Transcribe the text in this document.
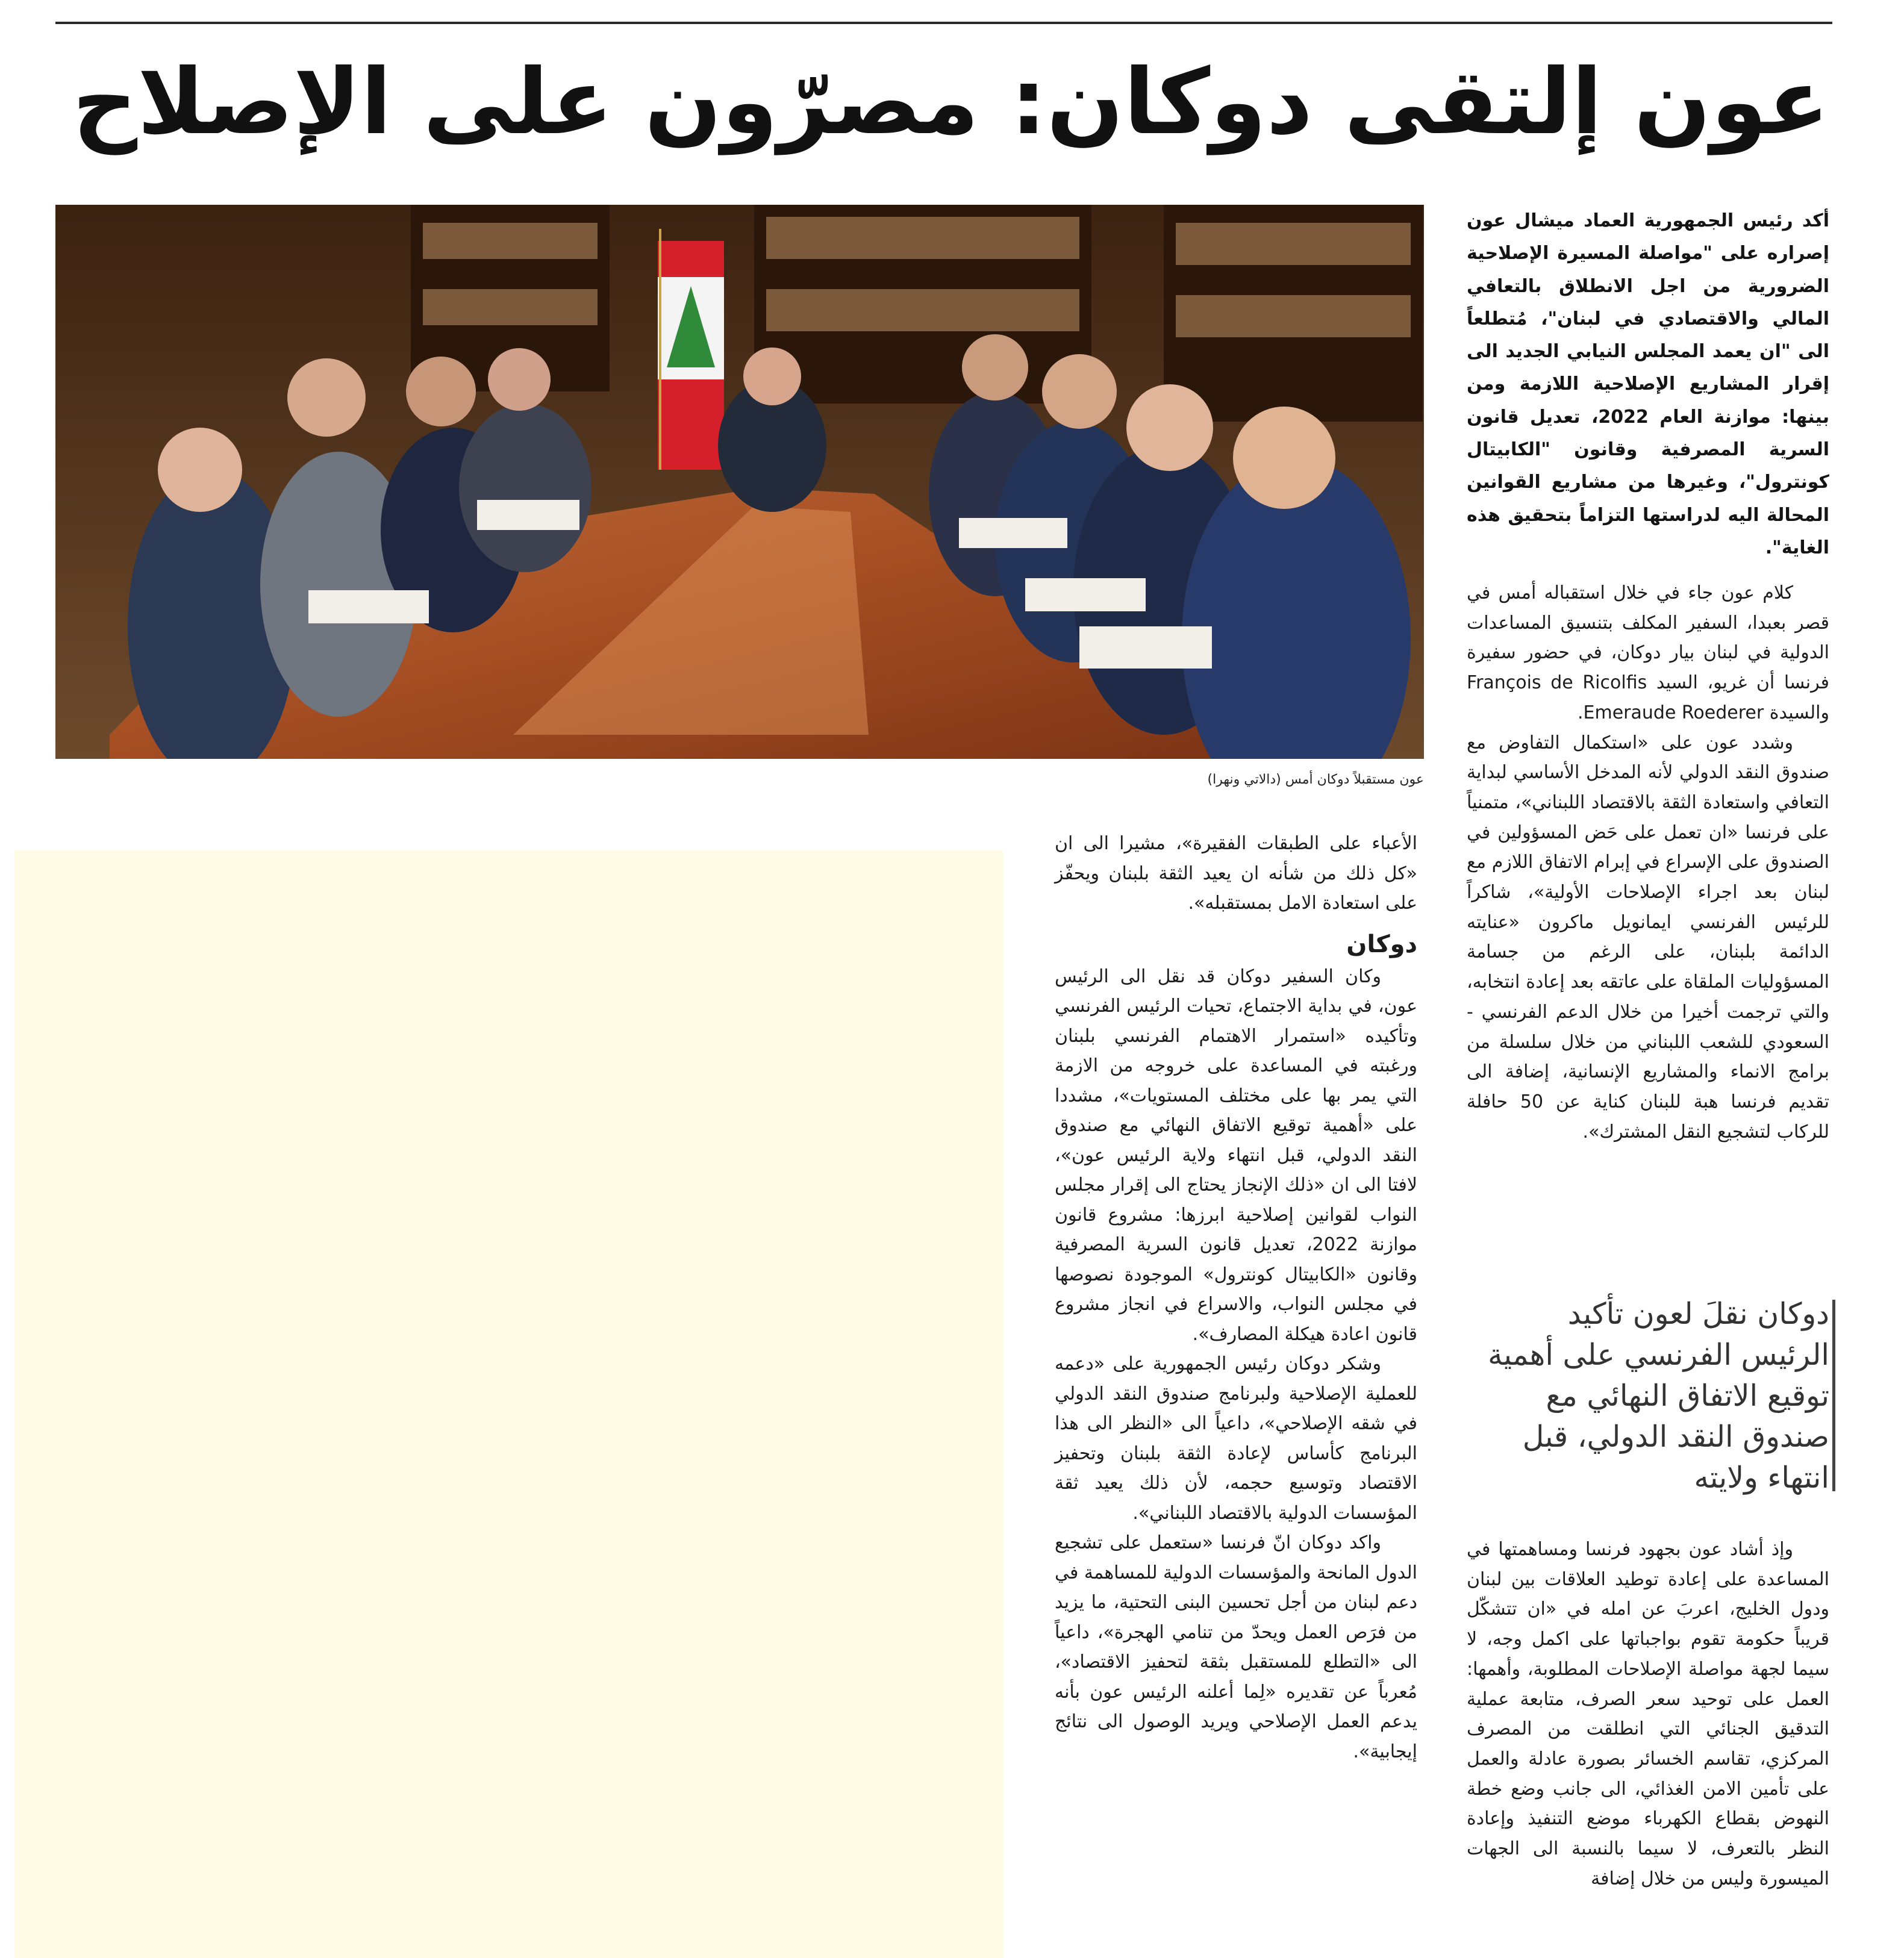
عون إلتقى دوكان: مصرّون على الإصلاح

أكد رئيس الجمهورية العماد ميشال عون إصراره على "مواصلة المسيرة الإصلاحية الضرورية من اجل الانطلاق بالتعافي المالي والاقتصادي في لبنان"، مُتطلعاً الى "ان يعمد المجلس النيابي الجديد الى إقرار المشاريع الإصلاحية اللازمة ومن بينها: موازنة العام 2022، تعديل قانون السرية المصرفية وقانون "الكابيتال كونترول"، وغيرها من مشاريع القوانين المحالة اليه لدراستها التزاماً بتحقيق هذه الغاية".

عون مستقبلاً دوكان أمس (دالاتي ونهرا)

كلام عون جاء في خلال استقباله أمس في قصر بعبدا، السفير المكلف بتنسيق المساعدات الدولية في لبنان بيار دوكان، في حضور سفيرة فرنسا أن غريو، السيد François de Ricolfis والسيدة Emeraude Roederer.

وشدد عون على «استكمال التفاوض مع صندوق النقد الدولي لأنه المدخل الأساسي لبداية التعافي واستعادة الثقة بالاقتصاد اللبناني»، متمنياً على فرنسا «ان تعمل على حَض المسؤولين في الصندوق على الإسراع في إبرام الاتفاق اللازم مع لبنان بعد اجراء الإصلاحات الأولية»، شاكراً للرئيس الفرنسي ايمانويل ماكرون «عنايته الدائمة بلبنان، على الرغم من جسامة المسؤوليات الملقاة على عاتقه بعد إعادة انتخابه، والتي ترجمت أخيرا من خلال الدعم الفرنسي - السعودي للشعب اللبناني من خلال سلسلة من برامج الانماء والمشاريع الإنسانية، إضافة الى تقديم فرنسا هبة للبنان كناية عن 50 حافلة للركاب لتشجيع النقل المشترك».

دوكان نقلَ لعون تأكيد الرئيس الفرنسي على أهمية توقيع الاتفاق النهائي مع صندوق النقد الدولي، قبل انتهاء ولايته

وإذ أشاد عون بجهود فرنسا ومساهمتها في المساعدة على إعادة توطيد العلاقات بين لبنان ودول الخليج، اعربَ عن امله في «ان تتشكّل قريباً حكومة تقوم بواجباتها على اكمل وجه، لا سيما لجهة مواصلة الإصلاحات المطلوبة، وأهمها: العمل على توحيد سعر الصرف، متابعة عملية التدقيق الجنائي التي انطلقت من المصرف المركزي، تقاسم الخسائر بصورة عادلة والعمل على تأمين الامن الغذائي، الى جانب وضع خطة النهوض بقطاع الكهرباء موضع التنفيذ وإعادة النظر بالتعرف، لا سيما بالنسبة الى الجهات الميسورة وليس من خلال إضافة

الأعباء على الطبقات الفقيرة»، مشيرا الى ان «كل ذلك من شأنه ان يعيد الثقة بلبنان ويحفّز على استعادة الامل بمستقبله».

دوكان

وكان السفير دوكان قد نقل الى الرئيس عون، في بداية الاجتماع، تحيات الرئيس الفرنسي وتأكيده «استمرار الاهتمام الفرنسي بلبنان ورغبته في المساعدة على خروجه من الازمة التي يمر بها على مختلف المستويات»، مشددا على «أهمية توقيع الاتفاق النهائي مع صندوق النقد الدولي، قبل انتهاء ولاية الرئيس عون»، لافتا الى ان «ذلك الإنجاز يحتاج الى إقرار مجلس النواب لقوانين إصلاحية ابرزها: مشروع قانون موازنة 2022، تعديل قانون السرية المصرفية وقانون «الكابيتال كونترول» الموجودة نصوصها في مجلس النواب، والاسراع في انجاز مشروع قانون اعادة هيكلة المصارف».

وشكر دوكان رئيس الجمهورية على «دعمه للعملية الإصلاحية ولبرنامج صندوق النقد الدولي في شقه الإصلاحي»، داعياً الى «النظر الى هذا البرنامج كأساس لإعادة الثقة بلبنان وتحفيز الاقتصاد وتوسيع حجمه، لأن ذلك يعيد ثقة المؤسسات الدولية بالاقتصاد اللبناني».

واكد دوكان انّ فرنسا «ستعمل على تشجيع الدول المانحة والمؤسسات الدولية للمساهمة في دعم لبنان من أجل تحسين البنى التحتية، ما يزيد من فرَص العمل ويحدّ من تنامي الهجرة»، داعياً الى «التطلع للمستقبل بثقة لتحفيز الاقتصاد»، مُعرباً عن تقديره «لِما أعلنه الرئيس عون بأنه يدعم العمل الإصلاحي ويريد الوصول الى نتائج إيجابية».
